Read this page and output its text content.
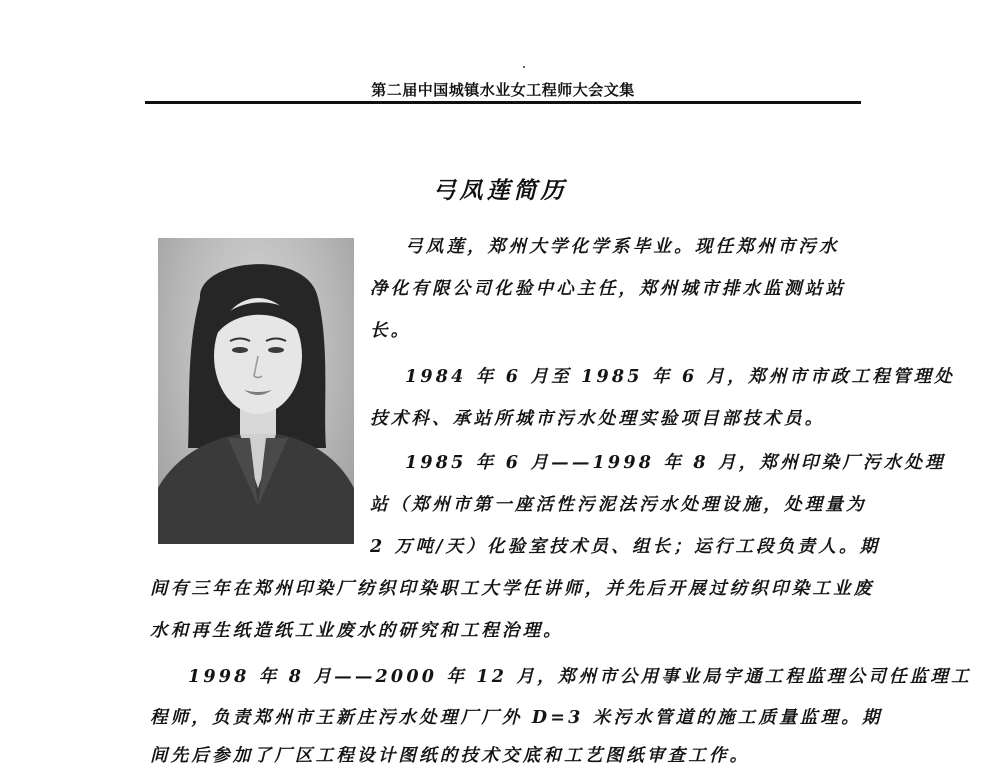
第二届中国城镇水业女工程师大会文集
弓凤莲简历
弓凤莲，郑州大学化学系毕业。现任郑州市污水
净化有限公司化验中心主任，郑州城市排水监测站站
长。
1984 年 6 月至 1985 年 6 月，郑州市市政工程管理处
技术科、承站所城市污水处理实验项目部技术员。
1985 年 6 月——1998 年 8 月，郑州印染厂污水处理
站（郑州市第一座活性污泥法污水处理设施，处理量为
2 万吨/天）化验室技术员、组长；运行工段负责人。期
间有三年在郑州印染厂纺织印染职工大学任讲师，并先后开展过纺织印染工业废
水和再生纸造纸工业废水的研究和工程治理。
1998 年 8 月——2000 年 12 月，郑州市公用事业局宇通工程监理公司任监理工
程师，负责郑州市王新庄污水处理厂厂外 D=3 米污水管道的施工质量监理。期
间先后参加了厂区工程设计图纸的技术交底和工艺图纸审查工作。
